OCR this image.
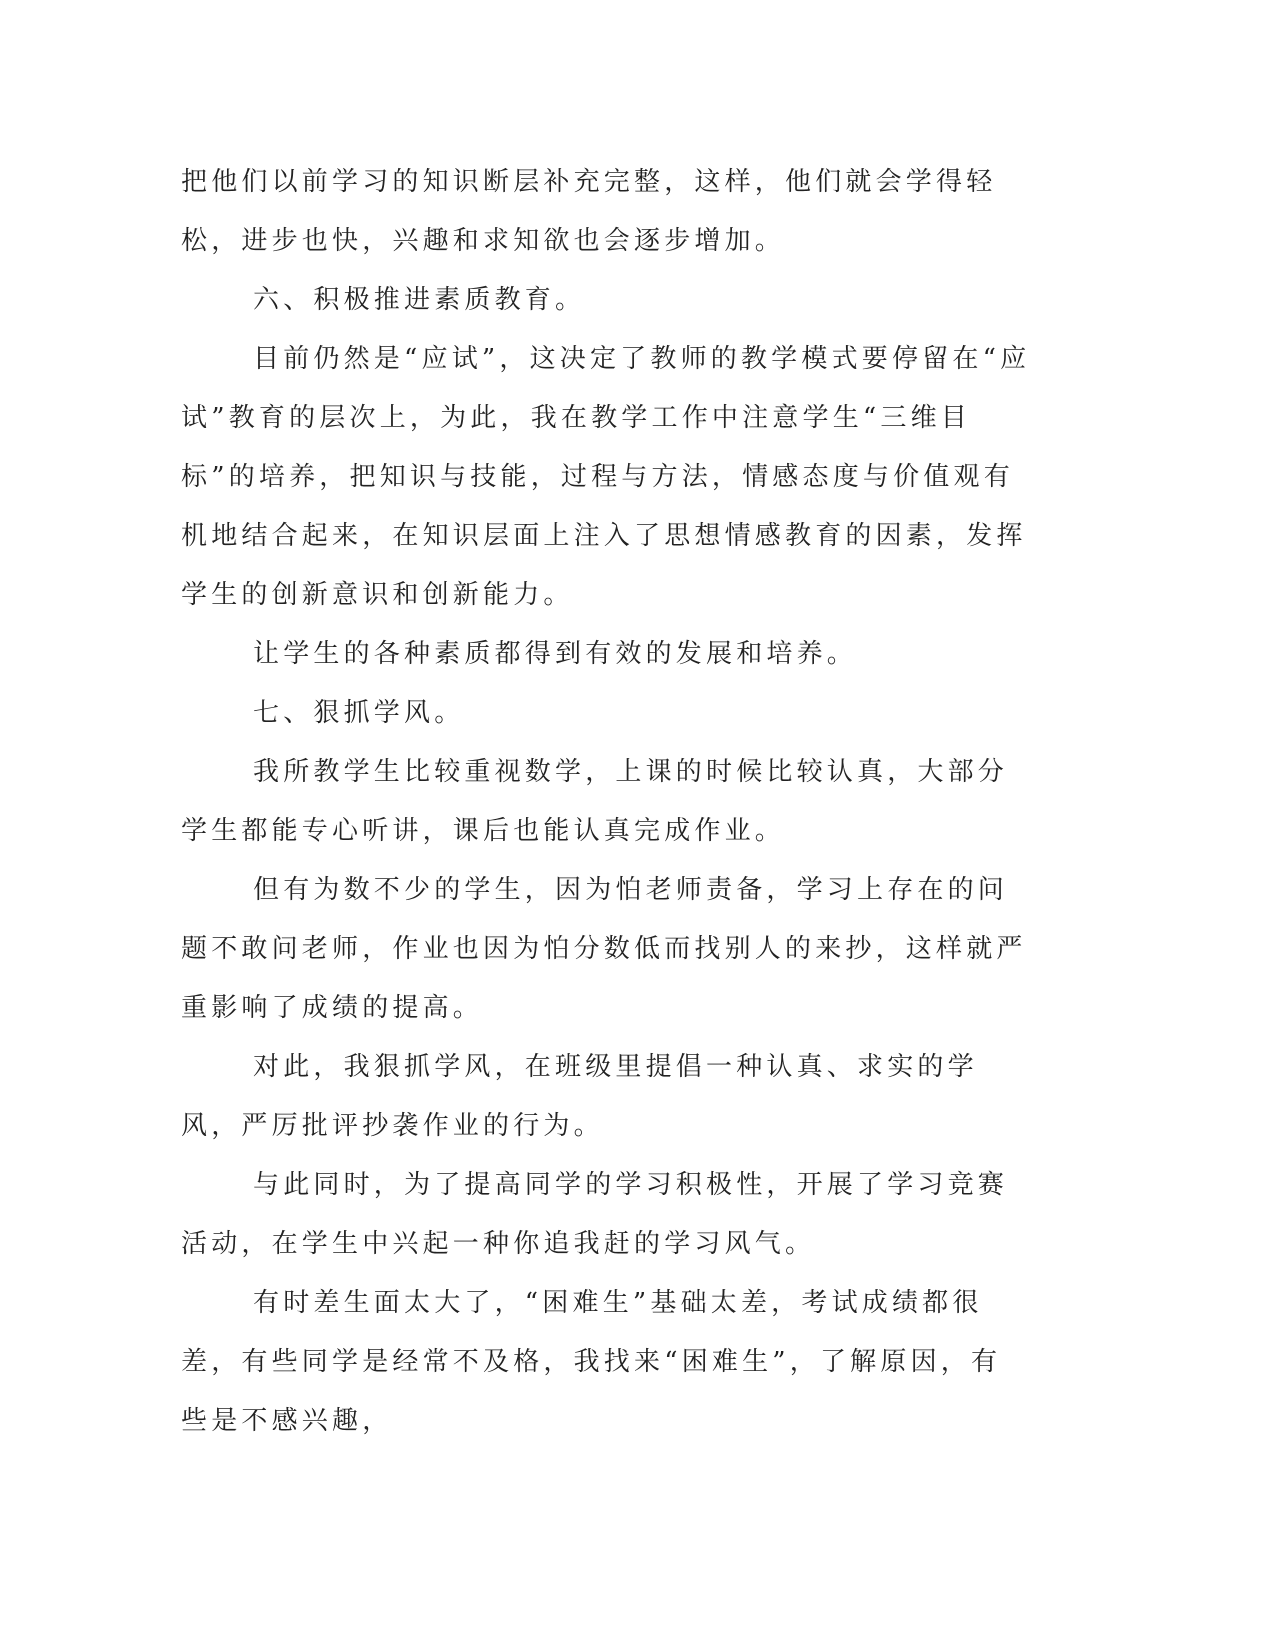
把他们以前学习的知识断层补充完整，这样，他们就会学得轻松，进步也快，兴趣和求知欲也会逐步增加。

六、积极推进素质教育。

目前仍然是“应试”，这决定了教师的教学模式要停留在“应试”教育的层次上，为此，我在教学工作中注意学生“三维目标”的培养，把知识与技能，过程与方法，情感态度与价值观有机地结合起来，在知识层面上注入了思想情感教育的因素，发挥学生的创新意识和创新能力。

让学生的各种素质都得到有效的发展和培养。

七、狠抓学风。

我所教学生比较重视数学，上课的时候比较认真，大部分学生都能专心听讲，课后也能认真完成作业。

但有为数不少的学生，因为怕老师责备，学习上存在的问题不敢问老师，作业也因为怕分数低而找别人的来抄，这样就严重影响了成绩的提高。

对此，我狠抓学风，在班级里提倡一种认真、求实的学风，严厉批评抄袭作业的行为。

与此同时，为了提高同学的学习积极性，开展了学习竞赛活动，在学生中兴起一种你追我赶的学习风气。

有时差生面太大了，“困难生”基础太差，考试成绩都很差，有些同学是经常不及格，我找来“困难生”，了解原因，有些是不感兴趣，
